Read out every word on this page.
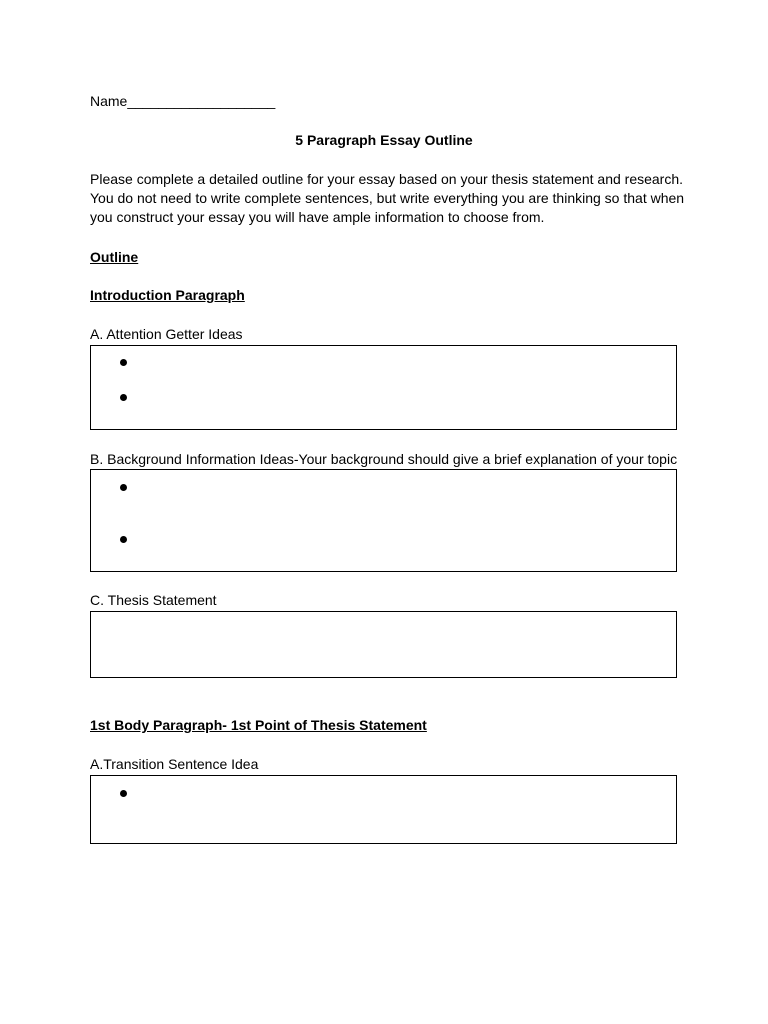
Name___________________
5 Paragraph Essay Outline
Please complete a detailed outline for your essay based on your thesis statement and research.
You do not need to write complete sentences, but write everything you are thinking so that when
you construct your essay you will have ample information to choose from.
Outline
Introduction Paragraph
A. Attention Getter Ideas
B. Background Information Ideas-Your background should give a brief explanation of your topic
C. Thesis Statement
1st Body Paragraph- 1st Point of Thesis Statement
A.Transition Sentence Idea
